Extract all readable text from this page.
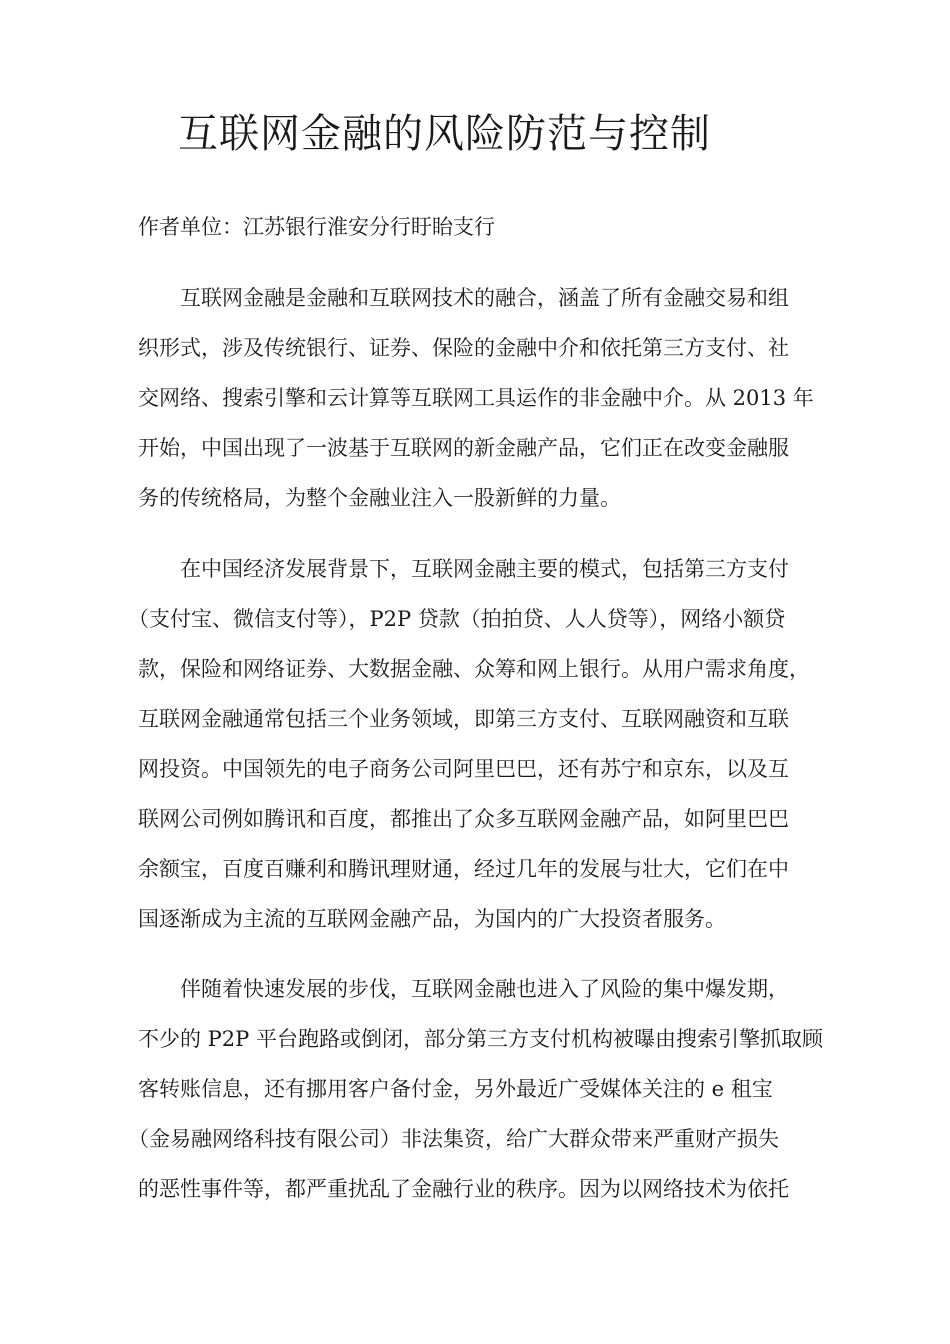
互联网金融的风险防范与控制
作者单位：江苏银行淮安分行盱眙支行
互联网金融是金融和互联网技术的融合，涵盖了所有金融交易和组
织形式，涉及传统银行、证券、保险的金融中介和依托第三方支付、社
交网络、搜索引擎和云计算等互联网工具运作的非金融中介。从 2013 年
开始，中国出现了一波基于互联网的新金融产品，它们正在改变金融服
务的传统格局，为整个金融业注入一股新鲜的力量。
在中国经济发展背景下，互联网金融主要的模式，包括第三方支付
（支付宝、微信支付等），P2P 贷款（拍拍贷、人人贷等），网络小额贷
款，保险和网络证券、大数据金融、众筹和网上银行。从用户需求角度，
互联网金融通常包括三个业务领域，即第三方支付、互联网融资和互联
网投资。中国领先的电子商务公司阿里巴巴，还有苏宁和京东，以及互
联网公司例如腾讯和百度，都推出了众多互联网金融产品，如阿里巴巴
余额宝，百度百赚利和腾讯理财通，经过几年的发展与壮大，它们在中
国逐渐成为主流的互联网金融产品，为国内的广大投资者服务。
伴随着快速发展的步伐，互联网金融也进入了风险的集中爆发期，
不少的 P2P 平台跑路或倒闭，部分第三方支付机构被曝由搜索引擎抓取顾
客转账信息，还有挪用客户备付金，另外最近广受媒体关注的 e 租宝
（金易融网络科技有限公司）非法集资，给广大群众带来严重财产损失
的恶性事件等，都严重扰乱了金融行业的秩序。因为以网络技术为依托
